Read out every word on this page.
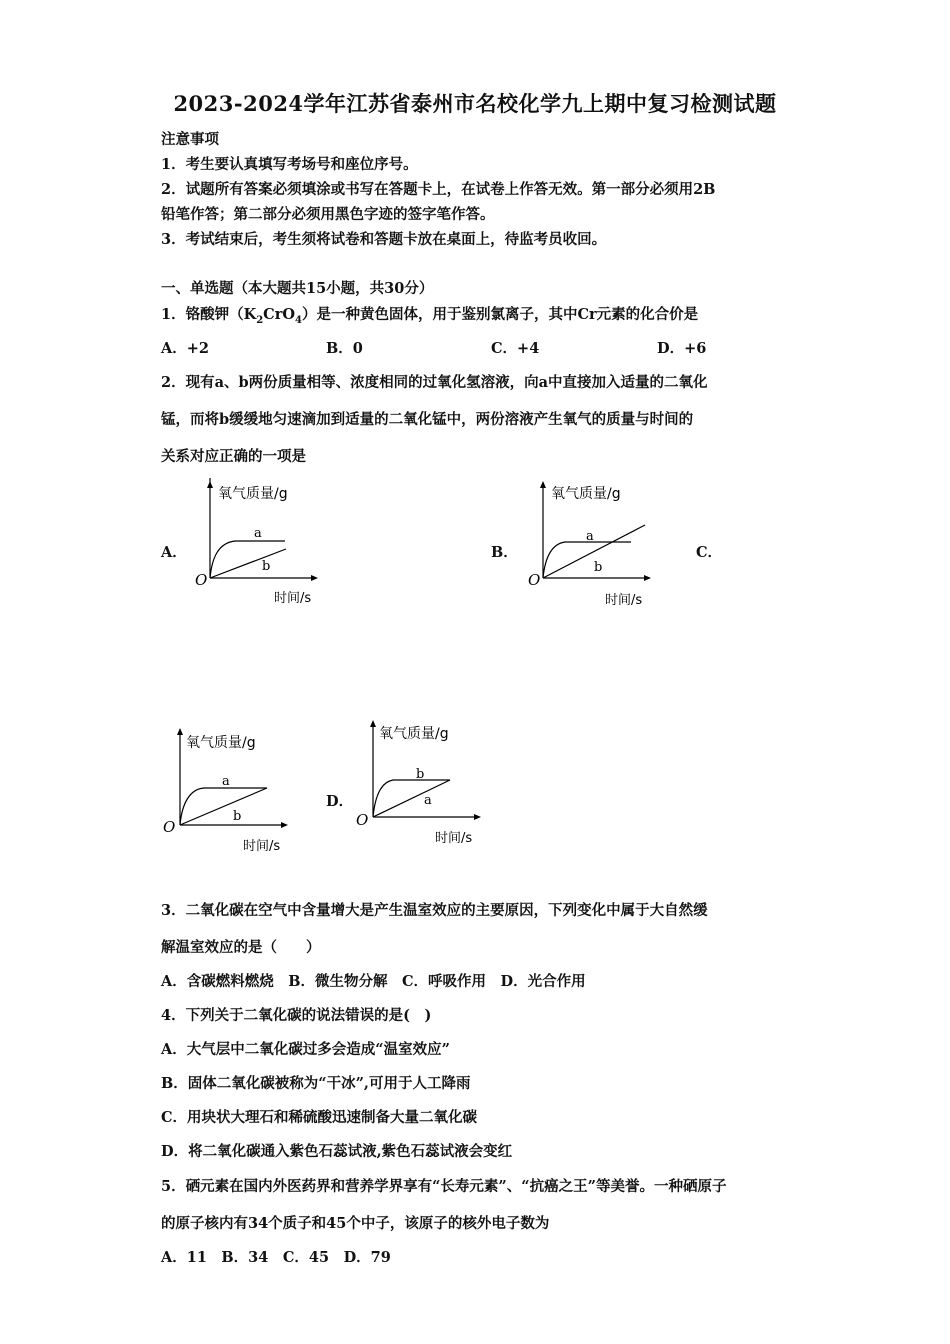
2023-2024学年江苏省泰州市名校化学九上期中复习检测试题
注意事项
1．考生要认真填写考场号和座位序号。
2．试题所有答案必须填涂或书写在答题卡上，在试卷上作答无效。第一部分必须用2B
铅笔作答；第二部分必须用黑色字迹的签字笔作答。
3．考试结束后，考生须将试卷和答题卡放在桌面上，待监考员收回。
一、单选题（本大题共15小题，共30分）
1．铬酸钾$(K_2CrO_4)$是一种黄色固体，用于鉴别氯离子，其中Cr元素的化合价是
A．+2	B．0	C．+4	D．+6
2．现有a、b两份质量相等、浓度相同的过氧化氢溶液，向a中直接加入适量的二氧化
锰，而将b缓缓地匀速滴加到适量的二氧化锰中，两份溶液产生氧气的质量与时间的
关系对应正确的一项是
A．	B．	C．
D．
氧气质量/g
时间/s
O
a
b
氧气质量/g
时间/s
O
a
b
氧气质量/g
时间/s
O
a
b
氧气质量/g
时间/s
O
b
a
3．二氧化碳在空气中含量增大是产生温室效应的主要原因，下列变化中属于大自然缓
解温室效应的是（　　）
A．含碳燃料燃烧　B．微生物分解　C．呼吸作用　D．光合作用
4．下列关于二氧化碳的说法错误的是(　)
A．大气层中二氧化碳过多会造成“温室效应”
B．固体二氧化碳被称为“干冰”,可用于人工降雨
C．用块状大理石和稀硫酸迅速制备大量二氧化碳
D．将二氧化碳通入紫色石蕊试液,紫色石蕊试液会变红
5．硒元素在国内外医药界和营养学界享有“长寿元素”、“抗癌之王”等美誉。一种硒原子
的原子核内有34个质子和45个中子，该原子的核外电子数为
A．11　B．34　C．45　D．79
